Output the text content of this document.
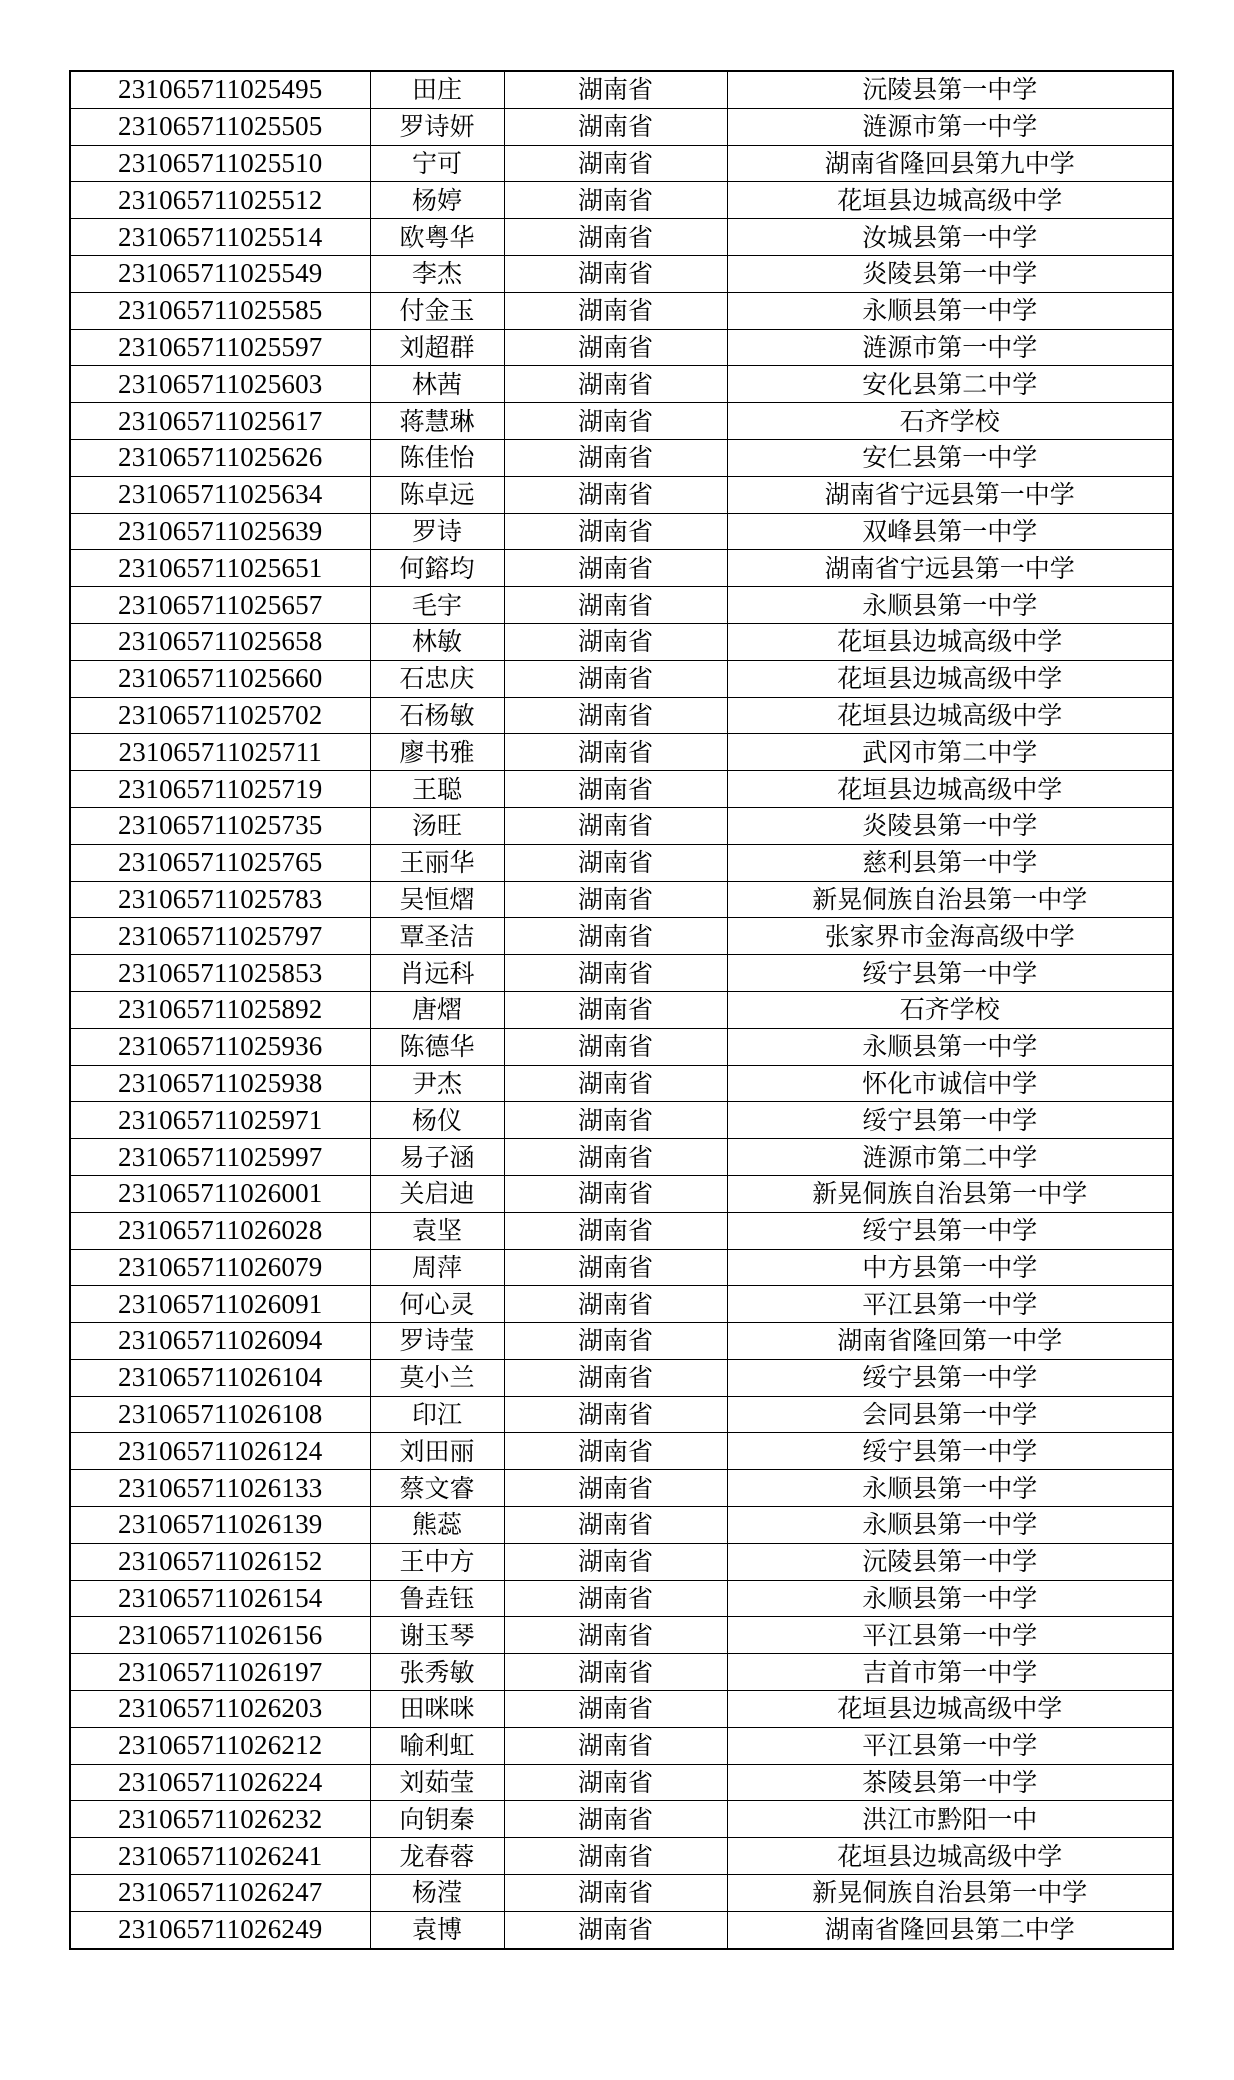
231065711025495	田庄	湖南省	沅陵县第一中学
231065711025505	罗诗妍	湖南省	涟源市第一中学
231065711025510	宁可	湖南省	湖南省隆回县第九中学
231065711025512	杨婷	湖南省	花垣县边城高级中学
231065711025514	欧粤华	湖南省	汝城县第一中学
231065711025549	李杰	湖南省	炎陵县第一中学
231065711025585	付金玉	湖南省	永顺县第一中学
231065711025597	刘超群	湖南省	涟源市第一中学
231065711025603	林茜	湖南省	安化县第二中学
231065711025617	蒋慧琳	湖南省	石齐学校
231065711025626	陈佳怡	湖南省	安仁县第一中学
231065711025634	陈卓远	湖南省	湖南省宁远县第一中学
231065711025639	罗诗	湖南省	双峰县第一中学
231065711025651	何鎔均	湖南省	湖南省宁远县第一中学
231065711025657	毛宇	湖南省	永顺县第一中学
231065711025658	林敏	湖南省	花垣县边城高级中学
231065711025660	石忠庆	湖南省	花垣县边城高级中学
231065711025702	石杨敏	湖南省	花垣县边城高级中学
231065711025711	廖书雅	湖南省	武冈市第二中学
231065711025719	王聪	湖南省	花垣县边城高级中学
231065711025735	汤旺	湖南省	炎陵县第一中学
231065711025765	王丽华	湖南省	慈利县第一中学
231065711025783	吴恒熠	湖南省	新晃侗族自治县第一中学
231065711025797	覃圣洁	湖南省	张家界市金海高级中学
231065711025853	肖远科	湖南省	绥宁县第一中学
231065711025892	唐熠	湖南省	石齐学校
231065711025936	陈德华	湖南省	永顺县第一中学
231065711025938	尹杰	湖南省	怀化市诚信中学
231065711025971	杨仪	湖南省	绥宁县第一中学
231065711025997	易子涵	湖南省	涟源市第二中学
231065711026001	关启迪	湖南省	新晃侗族自治县第一中学
231065711026028	袁坚	湖南省	绥宁县第一中学
231065711026079	周萍	湖南省	中方县第一中学
231065711026091	何心灵	湖南省	平江县第一中学
231065711026094	罗诗莹	湖南省	湖南省隆回第一中学
231065711026104	莫小兰	湖南省	绥宁县第一中学
231065711026108	印江	湖南省	会同县第一中学
231065711026124	刘田丽	湖南省	绥宁县第一中学
231065711026133	蔡文睿	湖南省	永顺县第一中学
231065711026139	熊蕊	湖南省	永顺县第一中学
231065711026152	王中方	湖南省	沅陵县第一中学
231065711026154	鲁垚钰	湖南省	永顺县第一中学
231065711026156	谢玉琴	湖南省	平江县第一中学
231065711026197	张秀敏	湖南省	吉首市第一中学
231065711026203	田咪咪	湖南省	花垣县边城高级中学
231065711026212	喻利虹	湖南省	平江县第一中学
231065711026224	刘茹莹	湖南省	茶陵县第一中学
231065711026232	向钥秦	湖南省	洪江市黔阳一中
231065711026241	龙春蓉	湖南省	花垣县边城高级中学
231065711026247	杨滢	湖南省	新晃侗族自治县第一中学
231065711026249	袁博	湖南省	湖南省隆回县第二中学
